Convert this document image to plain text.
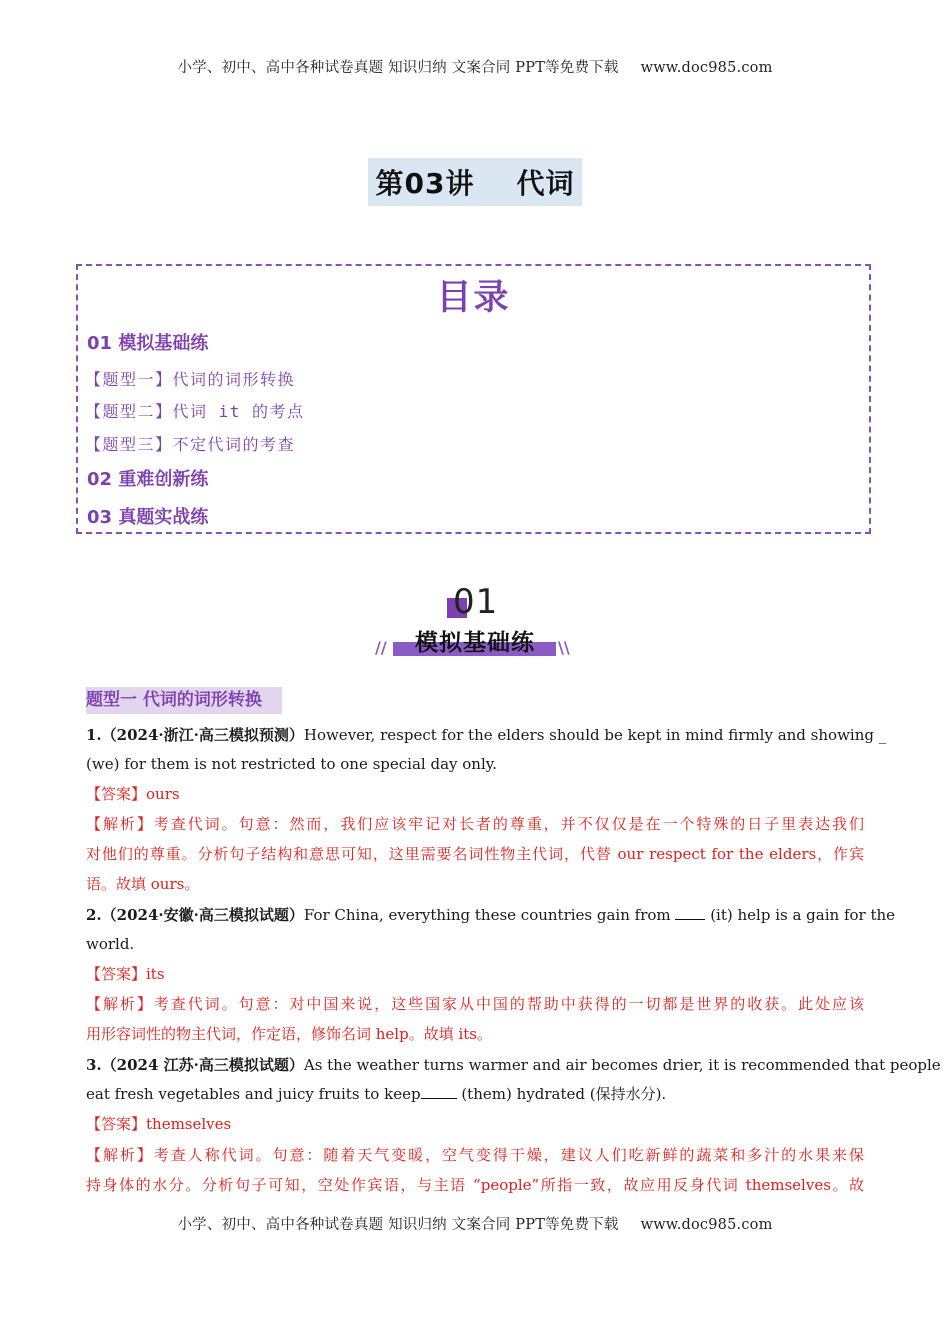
小学、初中、高中各种试卷真题 知识归纳 文案合同 PPT等免费下载 www.doc985.com
第03讲 代词
目录
01 模拟基础练
【题型一】代词的词形转换
【题型二】代词 it 的考点
【题型三】不定代词的考查
02 重难创新练
03 真题实战练
01
//	\\
模拟基础练
题型一 代词的词形转换
1.（2024·浙江·高三模拟预测）However, respect for the elders should be kept in mind firmly and showing _
(we) for them is not restricted to one special day only.
【答案】ours
【解析】考查代词。句意：然而，我们应该牢记对长者的尊重，并不仅仅是在一个特殊的日子里表达我们
对他们的尊重。分析句子结构和意思可知，这里需要名词性物主代词，代替 our respect for the elders，作宾
语。故填 ours。
2.（2024·安徽·高三模拟试题）For China, everything these countries gain from	(it) help is a gain for the
world.
【答案】its
【解析】考查代词。句意：对中国来说，这些国家从中国的帮助中获得的一切都是世界的收获。此处应该
用形容词性的物主代词，作定语，修饰名词 help。故填 its。
3.（2024 江苏·高三模拟试题）As the weather turns warmer and air becomes drier, it is recommended that people
eat fresh vegetables and juicy fruits to keep (them) hydrated (保持水分).
【答案】themselves
【解析】考查人称代词。句意：随着天气变暖，空气变得干燥，建议人们吃新鲜的蔬菜和多汁的水果来保
持身体的水分。分析句子可知，空处作宾语，与主语 “people”所指一致，故应用反身代词 themselves。故
小学、初中、高中各种试卷真题 知识归纳 文案合同 PPT等免费下载 www.doc985.com
